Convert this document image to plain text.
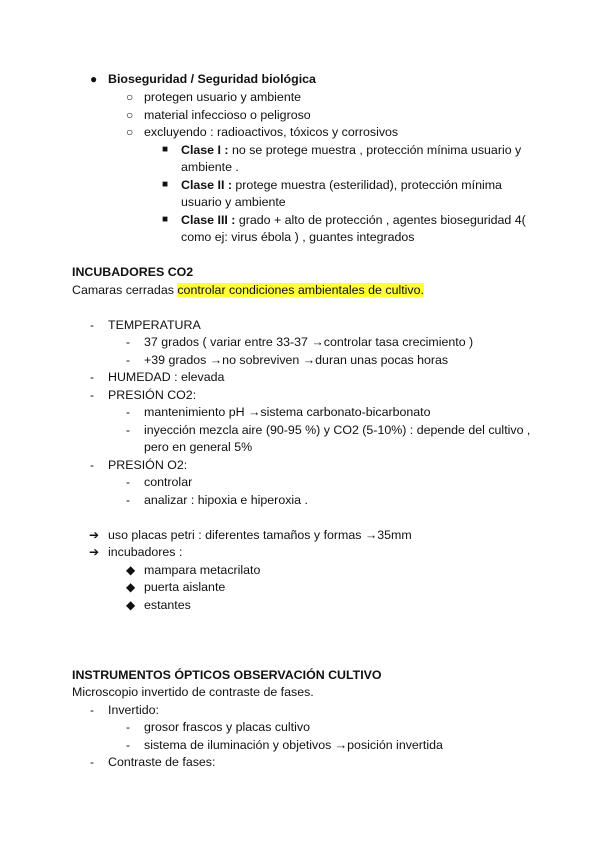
● Bioseguridad / Seguridad biológica
○ protegen usuario y ambiente
○ material infeccioso o peligroso
○ excluyendo : radioactivos, tóxicos y corrosivos
■ Clase I : no se protege muestra , protección mínima usuario y
ambiente .
■ Clase II : protege muestra (esterilidad), protección mínima
usuario y ambiente
■ Clase III : grado + alto de protección , agentes bioseguridad 4(
como ej: virus ébola ) , guantes integrados
INCUBADORES CO2
Camaras cerradas controlar condiciones ambientales de cultivo.
- TEMPERATURA
- 37 grados ( variar entre 33-37 →controlar tasa crecimiento )
- +39 grados →no sobreviven →duran unas pocas horas
- HUMEDAD : elevada
- PRESIÓN CO2:
- mantenimiento pH →sistema carbonato-bicarbonato
- inyección mezcla aire (90-95 %) y CO2 (5-10%) : depende del cultivo ,
pero en general 5%
- PRESIÓN O2:
- controlar
- analizar : hipoxia e hiperoxia .
➔ uso placas petri : diferentes tamaños y formas →35mm
➔ incubadores :
◆ mampara metacrilato
◆ puerta aislante
◆ estantes
INSTRUMENTOS ÓPTICOS OBSERVACIÓN CULTIVO
Microscopio invertido de contraste de fases.
- Invertido:
- grosor frascos y placas cultivo
- sistema de iluminación y objetivos →posición invertida
- Contraste de fases:
